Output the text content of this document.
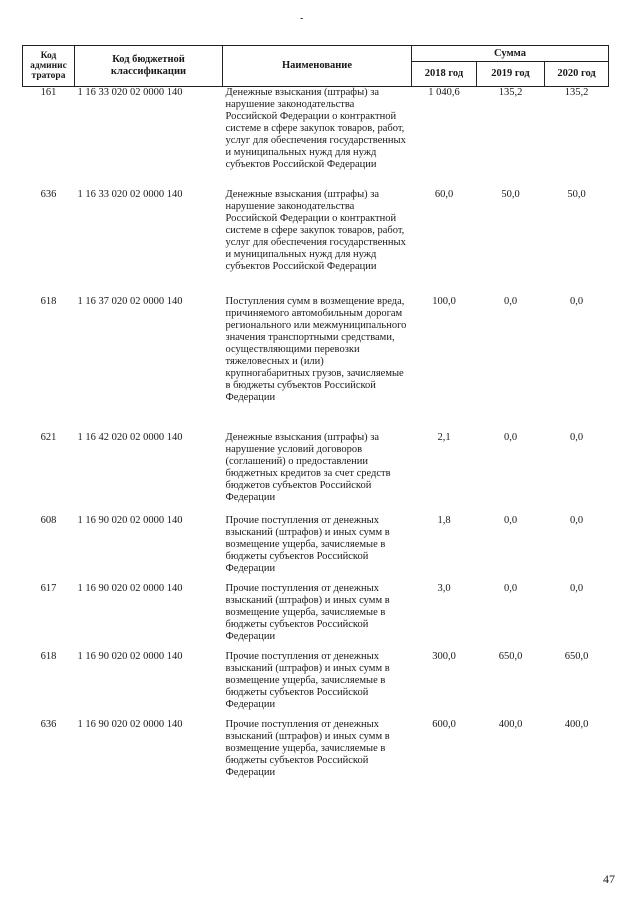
-
Код админис тратора	Код бюджетной классификации	Наименование	Сумма		
			2018 год	2019 год	2020 год
161	1 16 33 020 02 0000 140	Денежные взыскания (штрафы) за нарушение законодательства Российской Федерации о контрактной системе в сфере закупок товаров, работ, услуг для обеспечения государственных и муниципальных нужд для нужд субъектов Российской Федерации	1 040,6	135,2	135,2
636	1 16 33 020 02 0000 140	Денежные взыскания (штрафы) за нарушение законодательства Российской Федерации о контрактной системе в сфере закупок товаров, работ, услуг для обеспечения государственных и муниципальных нужд для нужд субъектов Российской Федерации	60,0	50,0	50,0
618	1 16 37 020 02 0000 140	Поступления сумм в возмещение вреда, причиняемого автомобильным дорогам регионального или межмуниципального значения транспортными средствами, осуществляющими перевозки тяжеловесных и (или) крупногабаритных грузов, зачисляемые в бюджеты субъектов Российской Федерации	100,0	0,0	0,0
621	1 16 42 020 02 0000 140	Денежные взыскания (штрафы) за нарушение условий договоров (соглашений) о предоставлении бюджетных кредитов за счет средств бюджетов субъектов Российской Федерации	2,1	0,0	0,0
608	1 16 90 020 02 0000 140	Прочие поступления от денежных взысканий (штрафов) и иных сумм в возмещение ущерба, зачисляемые в бюджеты субъектов Российской Федерации	1,8	0,0	0,0
617	1 16 90 020 02 0000 140	Прочие поступления от денежных взысканий (штрафов) и иных сумм в возмещение ущерба, зачисляемые в бюджеты субъектов Российской Федерации	3,0	0,0	0,0
618	1 16 90 020 02 0000 140	Прочие поступления от денежных взысканий (штрафов) и иных сумм в возмещение ущерба, зачисляемые в бюджеты субъектов Российской Федерации	300,0	650,0	650,0
636	1 16 90 020 02 0000 140	Прочие поступления от денежных взысканий (штрафов) и иных сумм в возмещение ущерба, зачисляемые в бюджеты субъектов Российской Федерации	600,0	400,0	400,0
47
